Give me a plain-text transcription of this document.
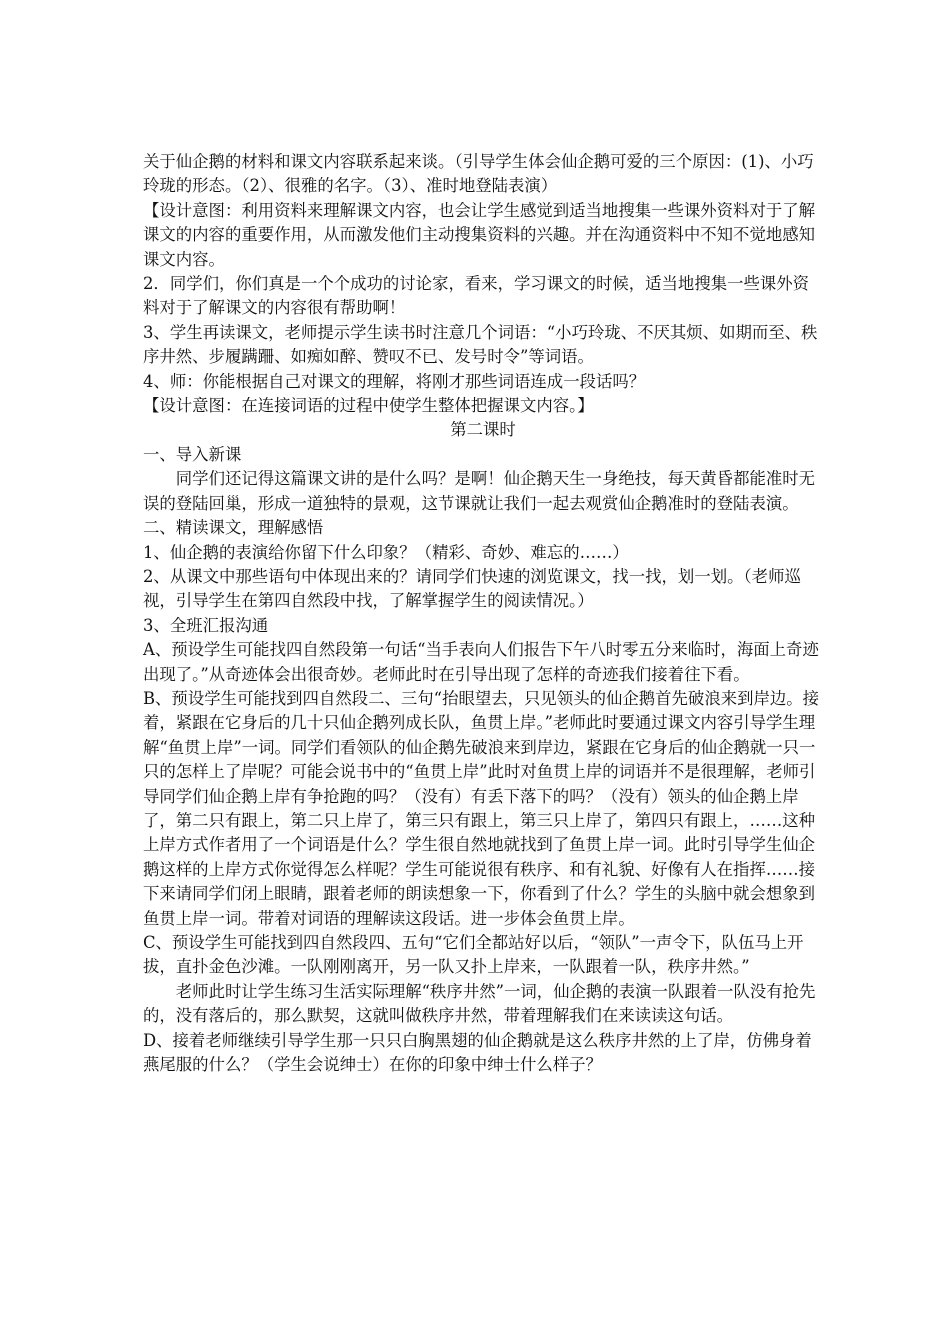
关于仙企鹅的材料和课文内容联系起来谈。（引导学生体会仙企鹅可爱的三个原因：(1)、小巧玲珑的形态。（2）、很雅的名字。（3）、准时地登陆表演）

【设计意图：利用资料来理解课文内容，也会让学生感觉到适当地搜集一些课外资料对于了解课文的内容的重要作用，从而激发他们主动搜集资料的兴趣。并在沟通资料中不知不觉地感知课文内容。

2．同学们，你们真是一个个成功的讨论家，看来，学习课文的时候，适当地搜集一些课外资料对于了解课文的内容很有帮助啊！

3、学生再读课文，老师提示学生读书时注意几个词语：“小巧玲珑、不厌其烦、如期而至、秩序井然、步履蹒跚、如痴如醉、赞叹不已、发号时令”等词语。

4、师：你能根据自己对课文的理解，将刚才那些词语连成一段话吗？

【设计意图：在连接词语的过程中使学生整体把握课文内容。】

第二课时

一、导入新课

同学们还记得这篇课文讲的是什么吗？是啊！仙企鹅天生一身绝技，每天黄昏都能准时无误的登陆回巢，形成一道独特的景观，这节课就让我们一起去观赏仙企鹅准时的登陆表演。

二、精读课文，理解感悟

1、仙企鹅的表演给你留下什么印象？（精彩、奇妙、难忘的……）

2、从课文中那些语句中体现出来的？请同学们快速的浏览课文，找一找，划一划。（老师巡视，引导学生在第四自然段中找，了解掌握学生的阅读情况。）

3、全班汇报沟通

A、预设学生可能找四自然段第一句话“当手表向人们报告下午八时零五分来临时，海面上奇迹出现了。”从奇迹体会出很奇妙。老师此时在引导出现了怎样的奇迹我们接着往下看。

B、预设学生可能找到四自然段二、三句“抬眼望去，只见领头的仙企鹅首先破浪来到岸边。接着，紧跟在它身后的几十只仙企鹅列成长队，鱼贯上岸。”老师此时要通过课文内容引导学生理解“鱼贯上岸”一词。同学们看领队的仙企鹅先破浪来到岸边，紧跟在它身后的仙企鹅就一只一只的怎样上了岸呢？可能会说书中的“鱼贯上岸”此时对鱼贯上岸的词语并不是很理解，老师引导同学们仙企鹅上岸有争抢跑的吗？（没有）有丢下落下的吗？（没有）领头的仙企鹅上岸了，第二只有跟上，第二只上岸了，第三只有跟上，第三只上岸了，第四只有跟上，……这种上岸方式作者用了一个词语是什么？学生很自然地就找到了鱼贯上岸一词。此时引导学生仙企鹅这样的上岸方式你觉得怎么样呢？学生可能说很有秩序、和有礼貌、好像有人在指挥……接下来请同学们闭上眼睛，跟着老师的朗读想象一下，你看到了什么？学生的头脑中就会想象到鱼贯上岸一词。带着对词语的理解读这段话。进一步体会鱼贯上岸。

C、预设学生可能找到四自然段四、五句“它们全都站好以后，“领队”一声令下，队伍马上开拔，直扑金色沙滩。一队刚刚离开，另一队又扑上岸来，一队跟着一队，秩序井然。”

老师此时让学生练习生活实际理解“秩序井然”一词，仙企鹅的表演一队跟着一队没有抢先的，没有落后的，那么默契，这就叫做秩序井然，带着理解我们在来读读这句话。

D、接着老师继续引导学生那一只只白胸黑翅的仙企鹅就是这么秩序井然的上了岸，仿佛身着燕尾服的什么？（学生会说绅士）在你的印象中绅士什么样子？
